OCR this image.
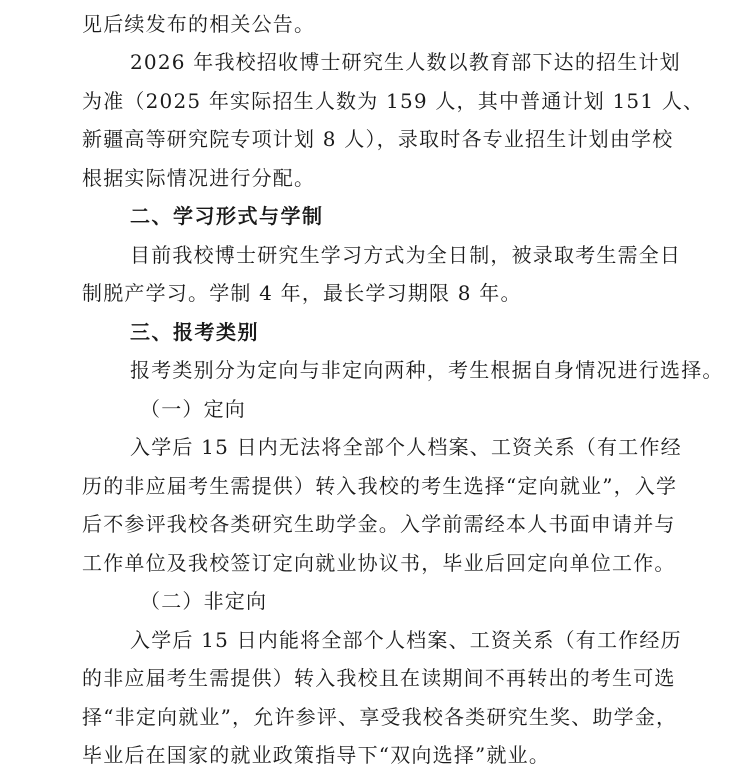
见后续发布的相关公告。
2026 年我校招收博士研究生人数以教育部下达的招生计划
为准（2025 年实际招生人数为 159 人，其中普通计划 151 人、
新疆高等研究院专项计划 8 人），录取时各专业招生计划由学校
根据实际情况进行分配。
二、学习形式与学制
目前我校博士研究生学习方式为全日制，被录取考生需全日
制脱产学习。学制 4 年，最长学习期限 8 年。
三、报考类别
报考类别分为定向与非定向两种，考生根据自身情况进行选择。
（一）定向
入学后 15 日内无法将全部个人档案、工资关系（有工作经
历的非应届考生需提供）转入我校的考生选择“定向就业”，入学
后不参评我校各类研究生助学金。入学前需经本人书面申请并与
工作单位及我校签订定向就业协议书，毕业后回定向单位工作。
（二）非定向
入学后 15 日内能将全部个人档案、工资关系（有工作经历
的非应届考生需提供）转入我校且在读期间不再转出的考生可选
择“非定向就业”，允许参评、享受我校各类研究生奖、助学金，
毕业后在国家的就业政策指导下“双向选择”就业。
